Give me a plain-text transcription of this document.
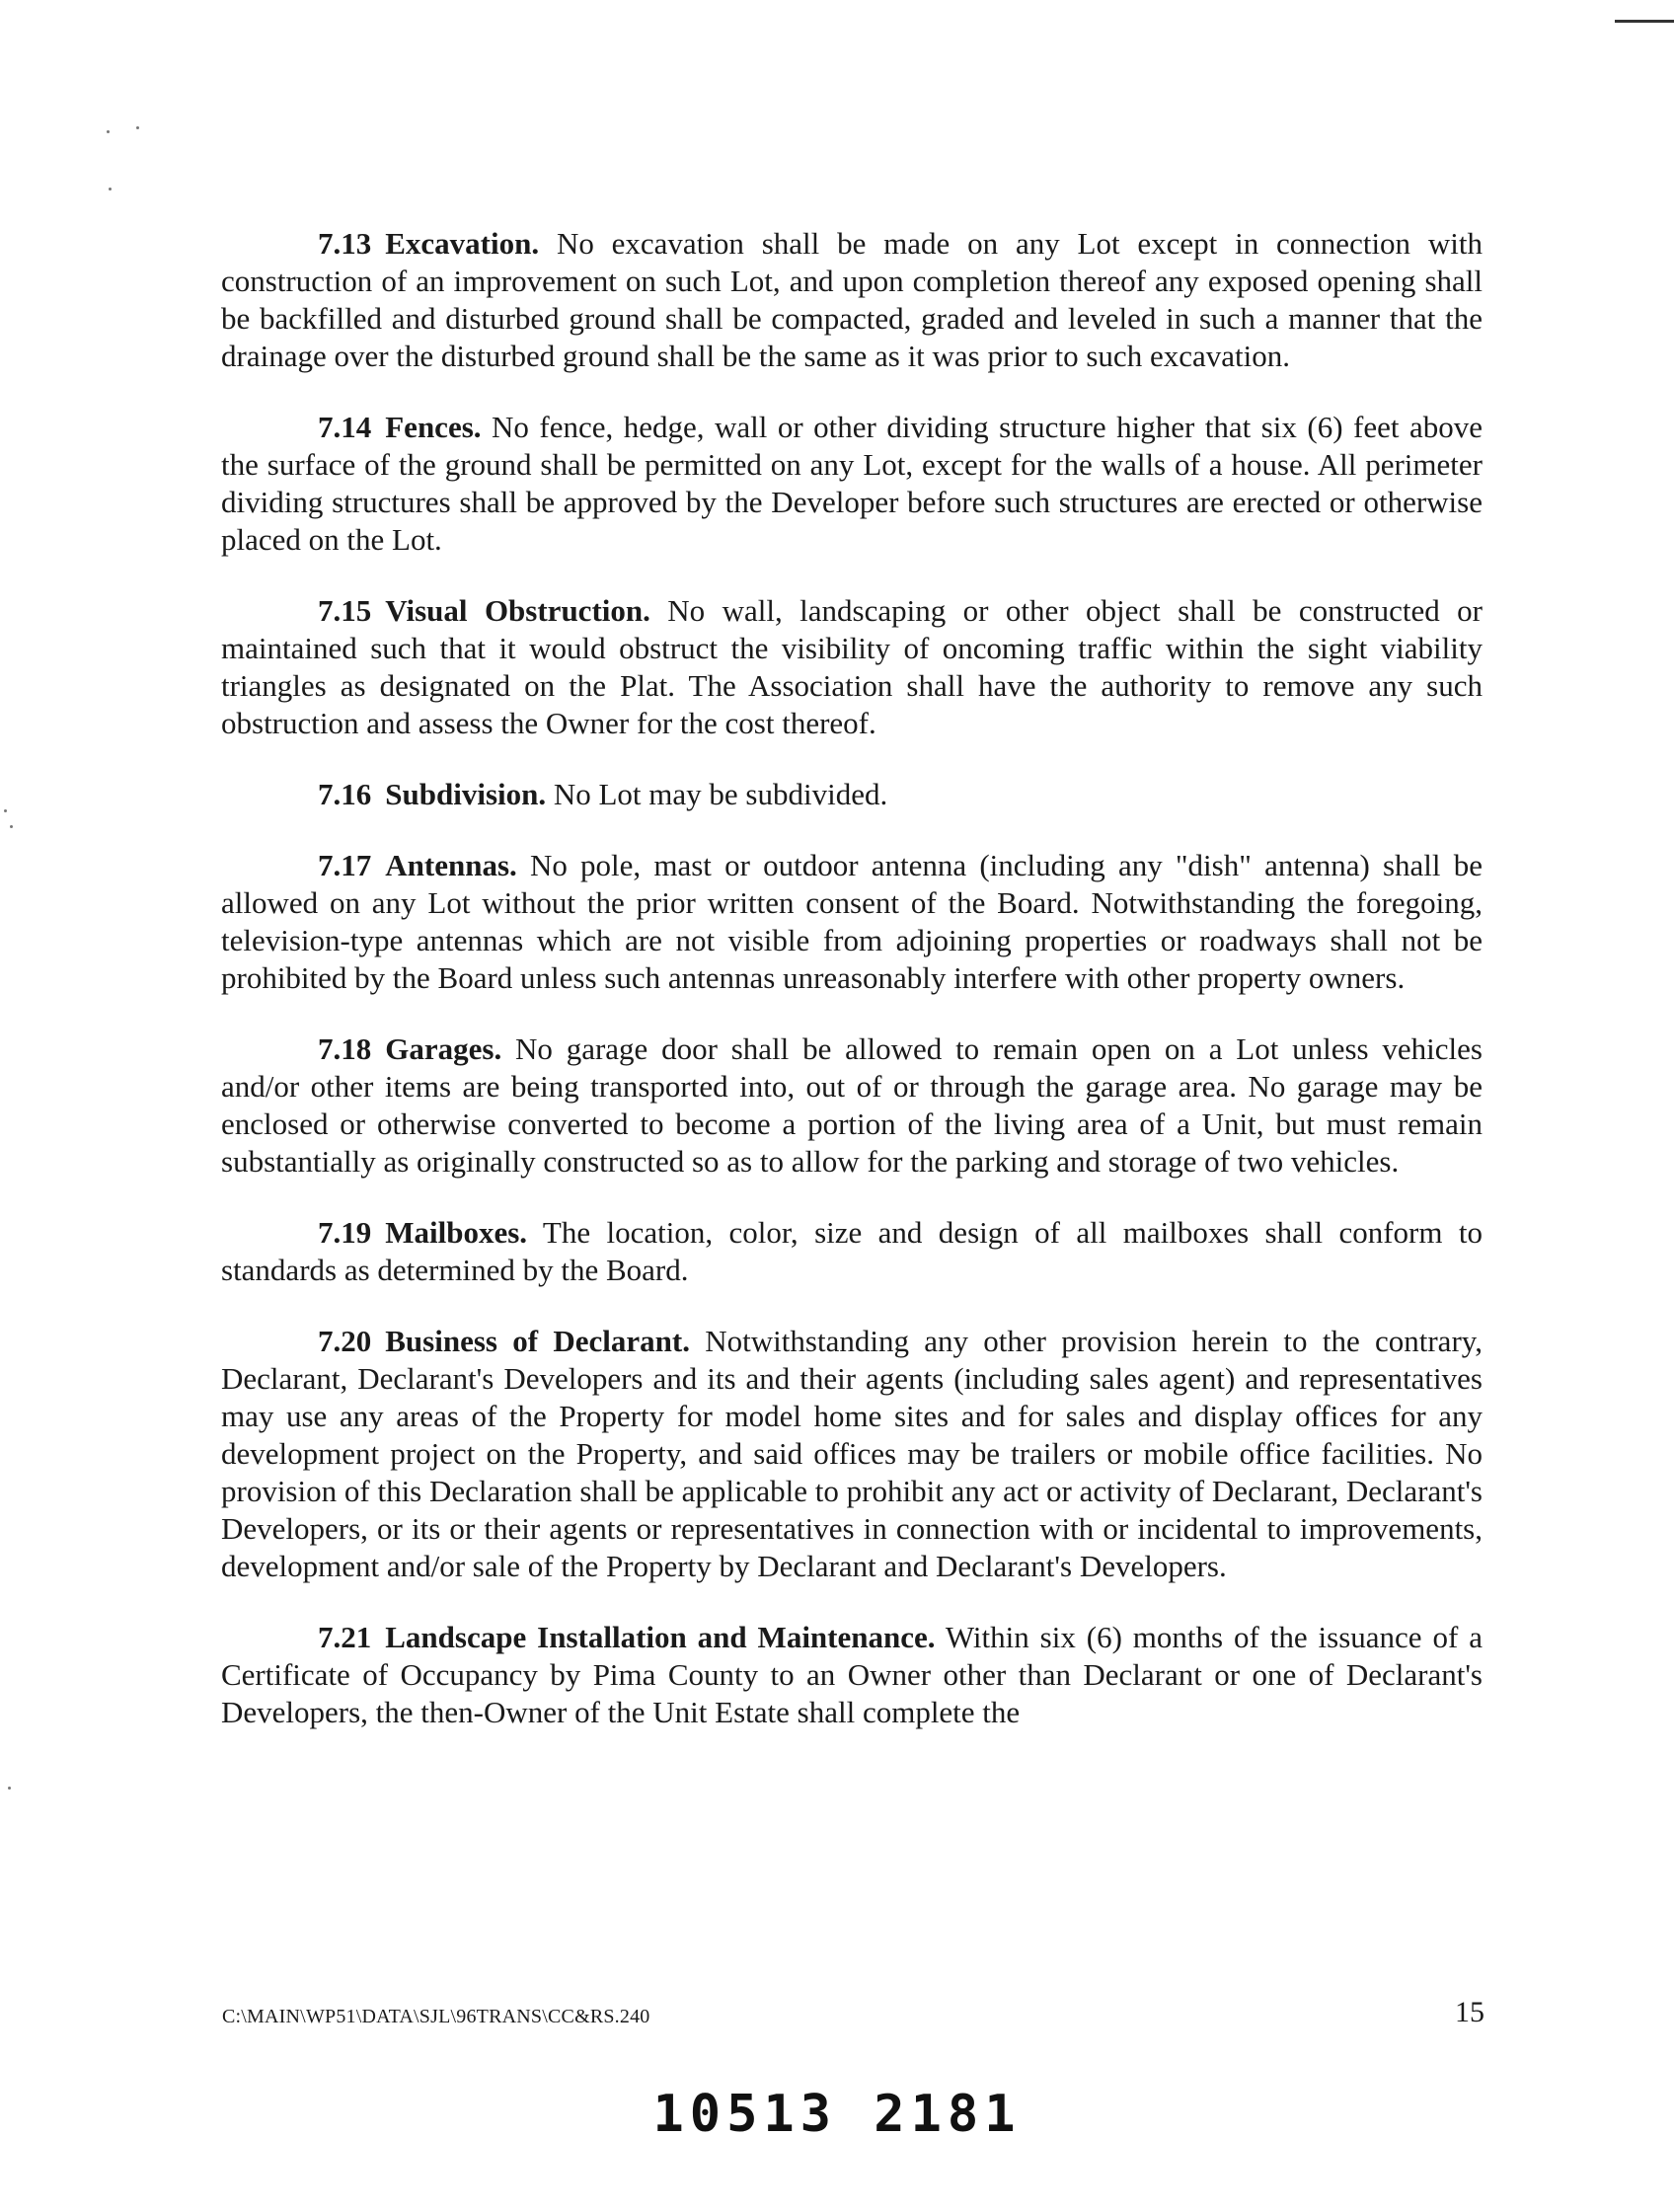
7.13 Excavation. No excavation shall be made on any Lot except in connection with construction of an improvement on such Lot, and upon completion thereof any exposed opening shall be backfilled and disturbed ground shall be compacted, graded and leveled in such a manner that the drainage over the disturbed ground shall be the same as it was prior to such excavation.

7.14 Fences. No fence, hedge, wall or other dividing structure higher that six (6) feet above the surface of the ground shall be permitted on any Lot, except for the walls of a house. All perimeter dividing structures shall be approved by the Developer before such structures are erected or otherwise placed on the Lot.

7.15 Visual Obstruction. No wall, landscaping or other object shall be constructed or maintained such that it would obstruct the visibility of oncoming traffic within the sight viability triangles as designated on the Plat. The Association shall have the authority to remove any such obstruction and assess the Owner for the cost thereof.

7.16 Subdivision. No Lot may be subdivided.

7.17 Antennas. No pole, mast or outdoor antenna (including any "dish" antenna) shall be allowed on any Lot without the prior written consent of the Board. Notwithstanding the foregoing, television-type antennas which are not visible from adjoining properties or roadways shall not be prohibited by the Board unless such antennas unreasonably interfere with other property owners.

7.18 Garages. No garage door shall be allowed to remain open on a Lot unless vehicles and/or other items are being transported into, out of or through the garage area. No garage may be enclosed or otherwise converted to become a portion of the living area of a Unit, but must remain substantially as originally constructed so as to allow for the parking and storage of two vehicles.

7.19 Mailboxes. The location, color, size and design of all mailboxes shall conform to standards as determined by the Board.

7.20 Business of Declarant. Notwithstanding any other provision herein to the contrary, Declarant, Declarant's Developers and its and their agents (including sales agent) and representatives may use any areas of the Property for model home sites and for sales and display offices for any development project on the Property, and said offices may be trailers or mobile office facilities. No provision of this Declaration shall be applicable to prohibit any act or activity of Declarant, Declarant's Developers, or its or their agents or representatives in connection with or incidental to improvements, development and/or sale of the Property by Declarant and Declarant's Developers.

7.21 Landscape Installation and Maintenance. Within six (6) months of the issuance of a Certificate of Occupancy by Pima County to an Owner other than Declarant or one of Declarant's Developers, the then-Owner of the Unit Estate shall complete the

C:\MAIN\WP51\DATA\SJL\96TRANS\CC&RS.240	15
10513 2181
